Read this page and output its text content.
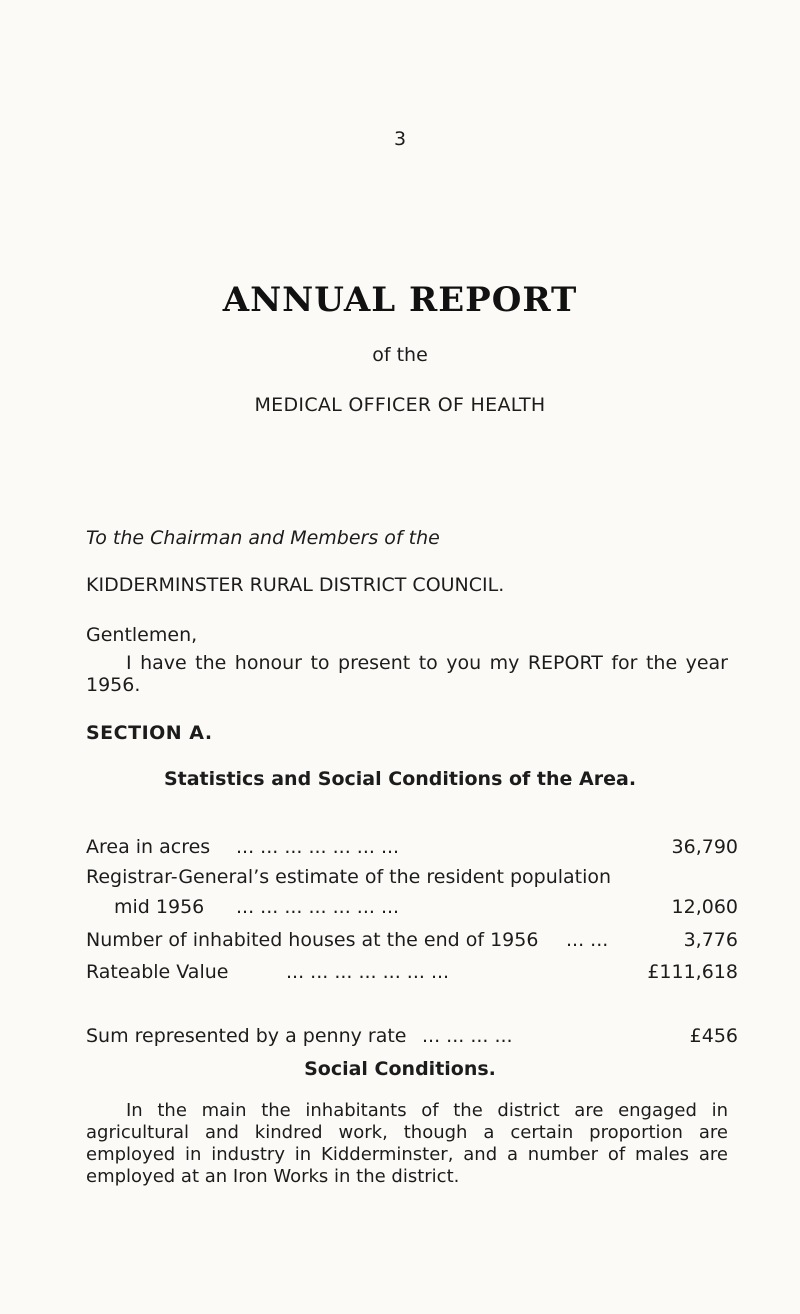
3
ANNUAL REPORT
of the
MEDICAL OFFICER OF HEALTH
To the Chairman and Members of the
KIDDERMINSTER RURAL DISTRICT COUNCIL.
Gentlemen,
I have the honour to present to you my REPORT for the year 1956.
SECTION A.
Statistics and Social Conditions of the Area.
Area in acres ... ... ... ... ... ... ...	36,790
Registrar-General’s estimate of the resident population
mid 1956 ... ... ... ... ... ... ...	12,060
Number of inhabited houses at the end of 1956 ... ...	3,776
Rateable Value	... ... ... ... ... ... ...	£111,618
Sum represented by a penny rate ... ... ... ...	£456
Social Conditions.
In the main the inhabitants of the district are engaged in agricultural and kindred work, though a certain proportion are employed in industry in Kidderminster, and a number of males are employed at an Iron Works in the district.
